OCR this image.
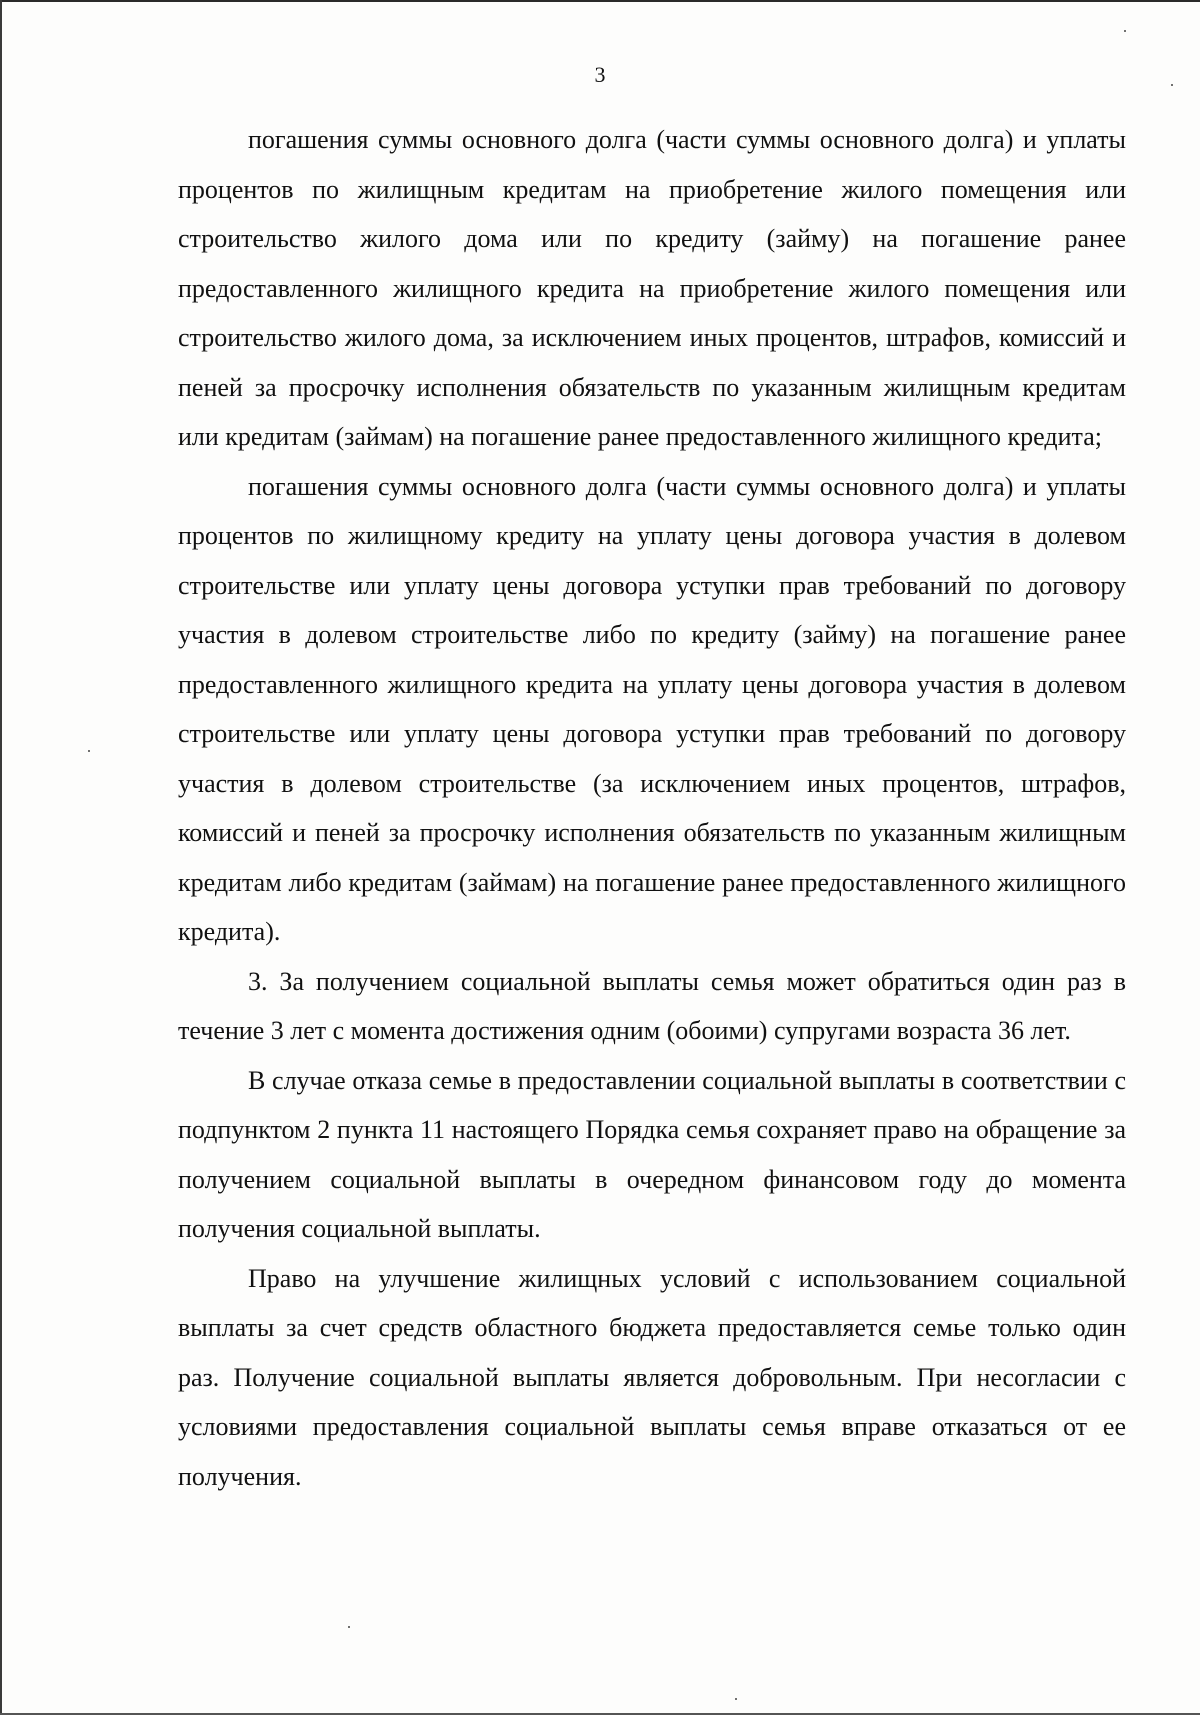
3

погашения суммы основного долга (части суммы основного долга) и уплаты процентов по жилищным кредитам на приобретение жилого помещения или строительство жилого дома или по кредиту (займу) на погашение ранее предоставленного жилищного кредита на приобретение жилого помещения или строительство жилого дома, за исключением иных процентов, штрафов, комиссий и пеней за просрочку исполнения обязательств по указанным жилищным кредитам или кредитам (займам) на погашение ранее предоставленного жилищного кредита;

погашения суммы основного долга (части суммы основного долга) и уплаты процентов по жилищному кредиту на уплату цены договора участия в долевом строительстве или уплату цены договора уступки прав требований по договору участия в долевом строительстве либо по кредиту (займу) на погашение ранее предоставленного жилищного кредита на уплату цены договора участия в долевом строительстве или уплату цены договора уступки прав требований по договору участия в долевом строительстве (за исключением иных процентов, штрафов, комиссий и пеней за просрочку исполнения обязательств по указанным жилищным кредитам либо кредитам (займам) на погашение ранее предоставленного жилищного кредита).

3. За получением социальной выплаты семья может обратиться один раз в течение 3 лет с момента достижения одним (обоими) супругами возраста 36 лет.

В случае отказа семье в предоставлении социальной выплаты в соответствии с подпунктом 2 пункта 11 настоящего Порядка семья сохраняет право на обращение за получением социальной выплаты в очередном финансовом году до момента получения социальной выплаты.

Право на улучшение жилищных условий с использованием социальной выплаты за счет средств областного бюджета предоставляется семье только один раз. Получение социальной выплаты является добровольным. При несогласии с условиями предоставления социальной выплаты семья вправе отказаться от ее получения.
